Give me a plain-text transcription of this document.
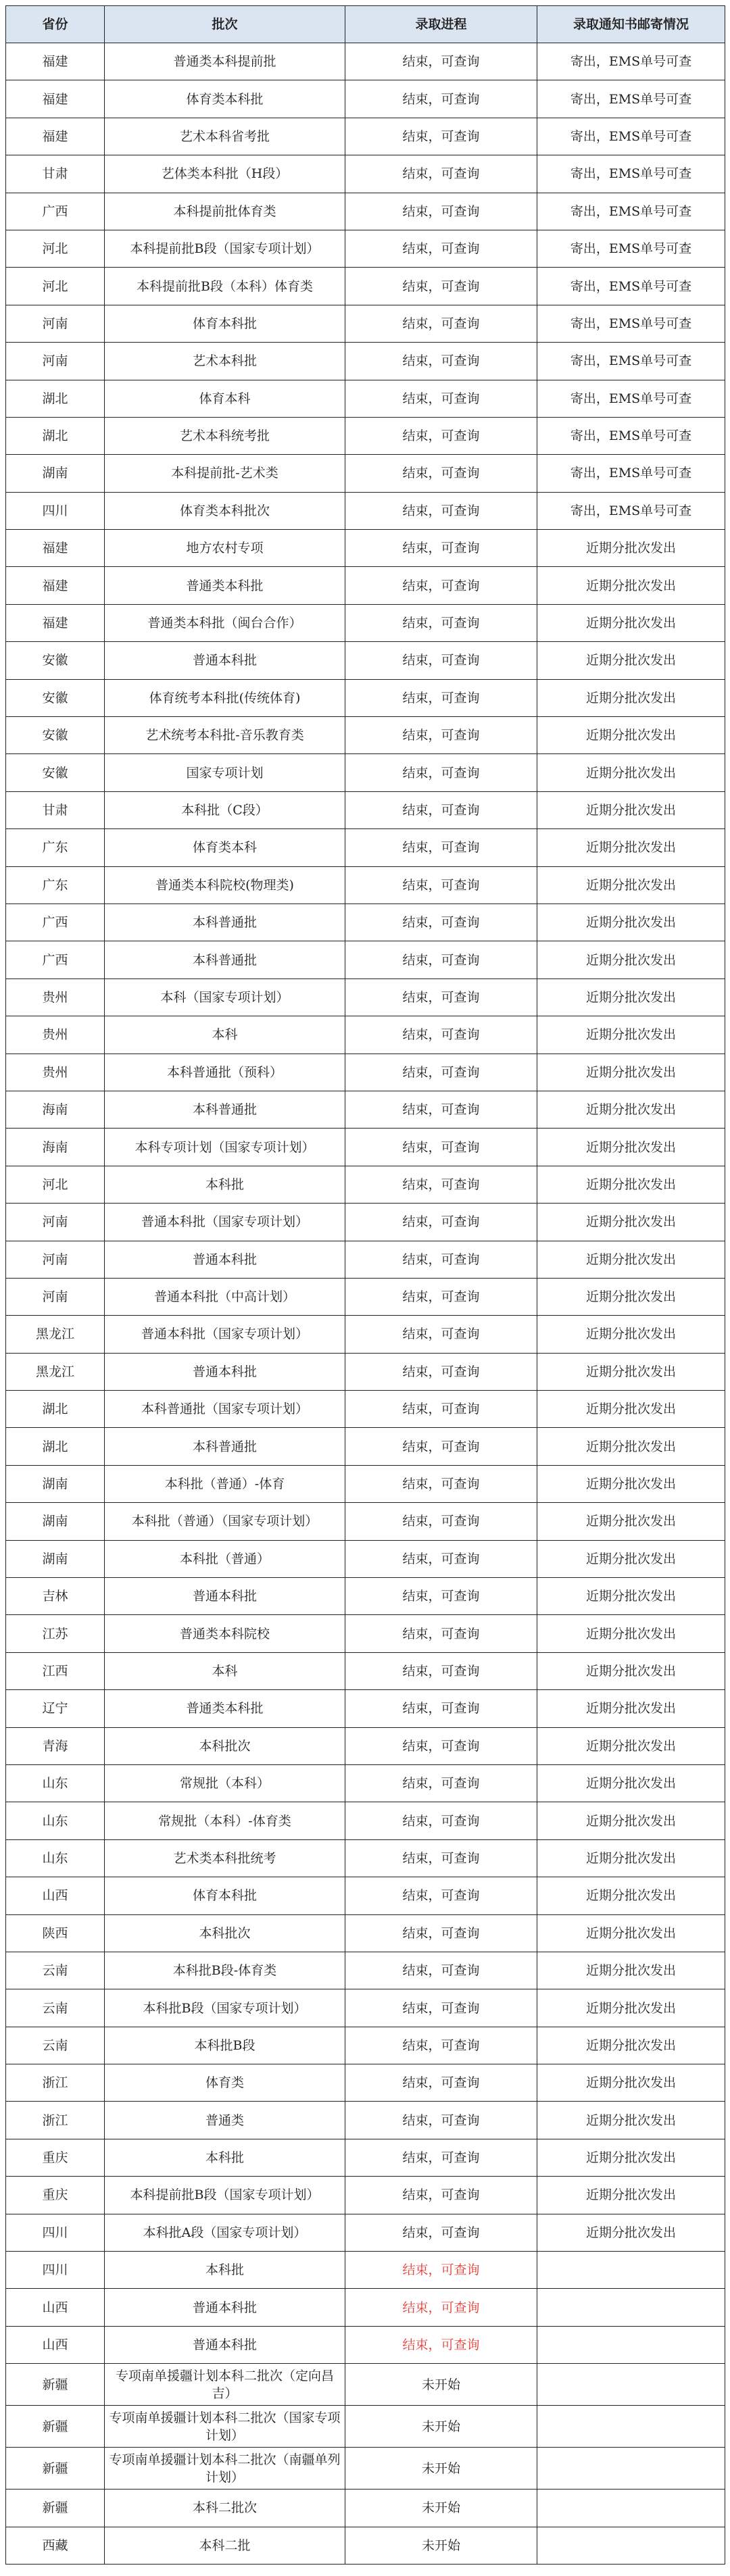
省份	批次	录取进程	录取通知书邮寄情况
福建	普通类本科提前批	结束，可查询	寄出，EMS单号可查
福建	体育类本科批	结束，可查询	寄出，EMS单号可查
福建	艺术本科省考批	结束，可查询	寄出，EMS单号可查
甘肃	艺体类本科批（H段）	结束，可查询	寄出，EMS单号可查
广西	本科提前批体育类	结束，可查询	寄出，EMS单号可查
河北	本科提前批B段（国家专项计划）	结束，可查询	寄出，EMS单号可查
河北	本科提前批B段（本科）体育类	结束，可查询	寄出，EMS单号可查
河南	体育本科批	结束，可查询	寄出，EMS单号可查
河南	艺术本科批	结束，可查询	寄出，EMS单号可查
湖北	体育本科	结束，可查询	寄出，EMS单号可查
湖北	艺术本科统考批	结束，可查询	寄出，EMS单号可查
湖南	本科提前批-艺术类	结束，可查询	寄出，EMS单号可查
四川	体育类本科批次	结束，可查询	寄出，EMS单号可查
福建	地方农村专项	结束，可查询	近期分批次发出
福建	普通类本科批	结束，可查询	近期分批次发出
福建	普通类本科批（闽台合作）	结束，可查询	近期分批次发出
安徽	普通本科批	结束，可查询	近期分批次发出
安徽	体育统考本科批(传统体育)	结束，可查询	近期分批次发出
安徽	艺术统考本科批-音乐教育类	结束，可查询	近期分批次发出
安徽	国家专项计划	结束，可查询	近期分批次发出
甘肃	本科批（C段）	结束，可查询	近期分批次发出
广东	体育类本科	结束，可查询	近期分批次发出
广东	普通类本科院校(物理类)	结束，可查询	近期分批次发出
广西	本科普通批	结束，可查询	近期分批次发出
广西	本科普通批	结束，可查询	近期分批次发出
贵州	本科（国家专项计划）	结束，可查询	近期分批次发出
贵州	本科	结束，可查询	近期分批次发出
贵州	本科普通批（预科）	结束，可查询	近期分批次发出
海南	本科普通批	结束，可查询	近期分批次发出
海南	本科专项计划（国家专项计划）	结束，可查询	近期分批次发出
河北	本科批	结束，可查询	近期分批次发出
河南	普通本科批（国家专项计划）	结束，可查询	近期分批次发出
河南	普通本科批	结束，可查询	近期分批次发出
河南	普通本科批（中高计划）	结束，可查询	近期分批次发出
黑龙江	普通本科批（国家专项计划）	结束，可查询	近期分批次发出
黑龙江	普通本科批	结束，可查询	近期分批次发出
湖北	本科普通批（国家专项计划）	结束，可查询	近期分批次发出
湖北	本科普通批	结束，可查询	近期分批次发出
湖南	本科批（普通）-体育	结束，可查询	近期分批次发出
湖南	本科批（普通）（国家专项计划）	结束，可查询	近期分批次发出
湖南	本科批（普通）	结束，可查询	近期分批次发出
吉林	普通本科批	结束，可查询	近期分批次发出
江苏	普通类本科院校	结束，可查询	近期分批次发出
江西	本科	结束，可查询	近期分批次发出
辽宁	普通类本科批	结束，可查询	近期分批次发出
青海	本科批次	结束，可查询	近期分批次发出
山东	常规批（本科）	结束，可查询	近期分批次发出
山东	常规批（本科）-体育类	结束，可查询	近期分批次发出
山东	艺术类本科批统考	结束，可查询	近期分批次发出
山西	体育本科批	结束，可查询	近期分批次发出
陕西	本科批次	结束，可查询	近期分批次发出
云南	本科批B段-体育类	结束，可查询	近期分批次发出
云南	本科批B段（国家专项计划）	结束，可查询	近期分批次发出
云南	本科批B段	结束，可查询	近期分批次发出
浙江	体育类	结束，可查询	近期分批次发出
浙江	普通类	结束，可查询	近期分批次发出
重庆	本科批	结束，可查询	近期分批次发出
重庆	本科提前批B段（国家专项计划）	结束，可查询	近期分批次发出
四川	本科批A段（国家专项计划）	结束，可查询	近期分批次发出
四川	本科批	结束，可查询	
山西	普通本科批	结束，可查询	
山西	普通本科批	结束，可查询	
新疆	专项南单援疆计划本科二批次（定向昌吉）	未开始	
新疆	专项南单援疆计划本科二批次（国家专项计划）	未开始	
新疆	专项南单援疆计划本科二批次（南疆单列计划）	未开始	
新疆	本科二批次	未开始	
西藏	本科二批	未开始	
